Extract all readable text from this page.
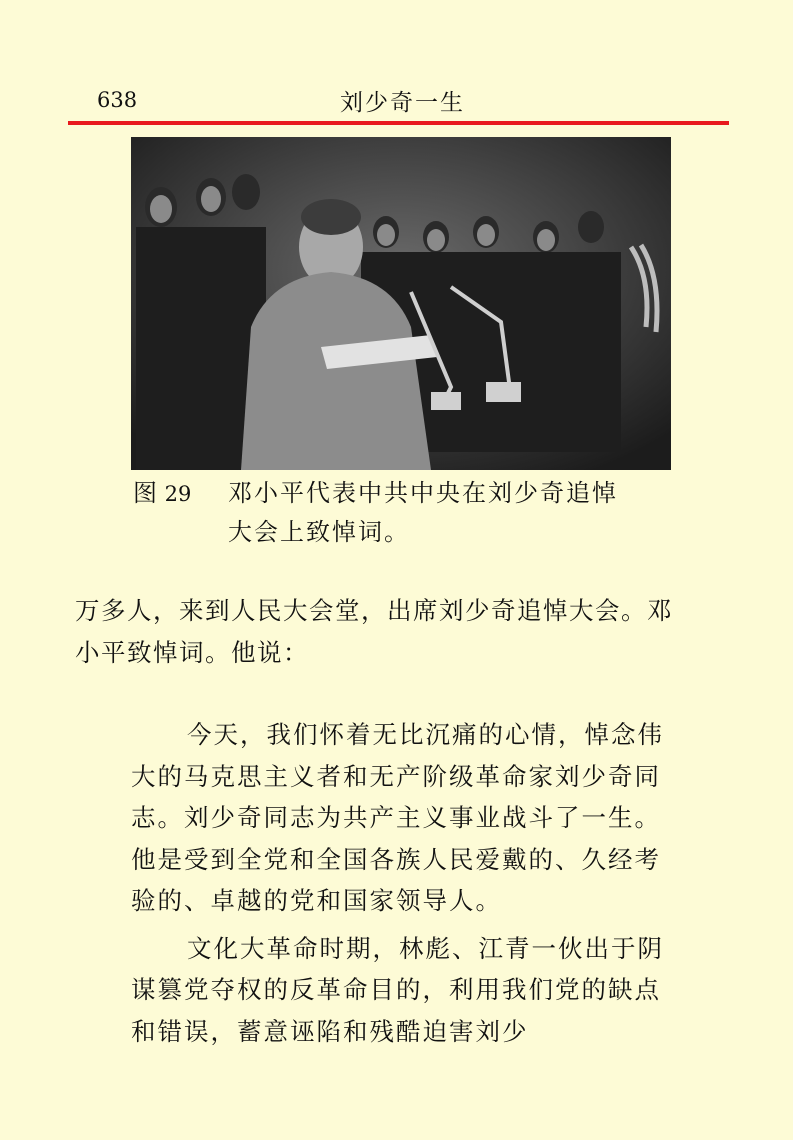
638	刘少奇一生
图 29 邓小平代表中共中央在刘少奇追悼
大会上致悼词。

万多人，来到人民大会堂，出席刘少奇追悼大会。邓

小平致悼词。他说：

今天，我们怀着无比沉痛的心情，悼念伟大的马克思主义者和无产阶级革命家刘少奇同志。刘少奇同志为共产主义事业战斗了一生。他是受到全党和全国各族人民爱戴的、久经考验的、卓越的党和国家领导人。

文化大革命时期，林彪、江青一伙出于阴谋篡党夺权的反革命目的，利用我们党的缺点和错误，蓄意诬陷和残酷迫害刘少
